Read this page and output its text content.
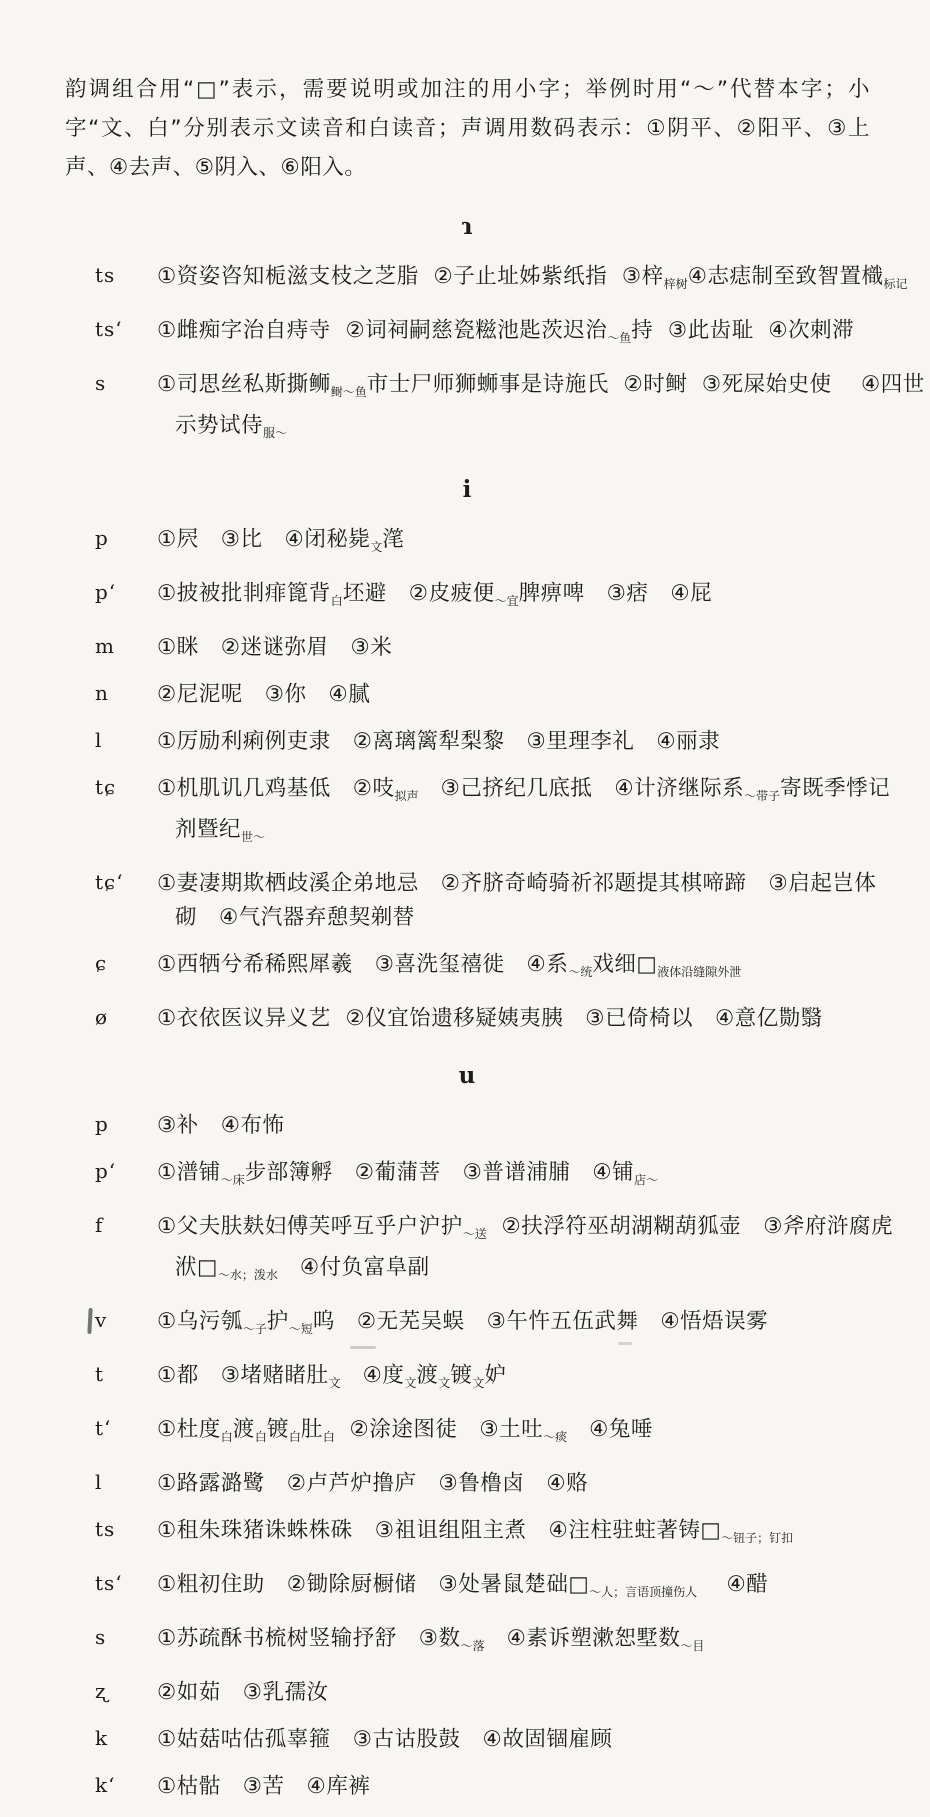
韵调组合用“□”表示，需要说明或加注的用小字；举例时用“～”代替本字；小字“文、白”分别表示文读音和白读音；声调用数码表示：①阴平、②阳平、③上声、④去声、⑤阴入、⑥阳入。
ɿ
ts	①资姿咨知栀滋支枝之芝脂  ②子止址姊紫纸指  ③梓$_{梓树}$④志痣制至致智置樴$_{标记}$
tsʻ	①雌痴字治自痔寺  ②词祠嗣慈瓷糍池匙茨迟治$_{\sim 鱼}$持  ③此齿耻  ④次刺滞
s	①司思丝私斯撕𫚕$_{鲥\sim 鱼}$市士尸师狮蛳事是诗施氏  ②时鲥  ③死屎始史使    ④四世
示势试侍$_{服\sim}$
i
p	①屄   ③比   ④闭秘毙$_文$滗
pʻ	①披被批剕痱篦背$_白$坯避   ②皮疲便$_{\sim 宜}$脾痹啤   ③痞   ④屁
m	①眯   ②迷谜弥眉   ③米
n	②尼泥呢   ③你   ④腻
l	①厉励利痢例吏隶   ②离璃篱犁梨黎   ③里理李礼   ④丽隶
tɕ	①机肌讥几鸡基低   ②吱$_{拟声}$   ③己挤纪几底抵   ④计济继际系$_{\sim 带子}$寄既季悸记
剂暨纪$_{世\sim}$
tɕʻ	①妻凄期欺栖歧溪企弟地忌   ②齐脐奇崎骑祈祁题提其棋啼蹄   ③启起岂体
砌   ④气汽器弃憩契剃替
ɕ	①西牺兮希稀熙犀羲   ③喜洗玺禧徙   ④系$_{\sim 统}$戏细$□_{液体沿缝隙外泄}$
ø	①衣依医议异义艺  ②仪宜饴遗移疑姨夷胰   ③已倚椅以   ④意亿勚翳
u
p	③补   ④布怖
pʻ	①潽铺$_{\sim 床}$步部簿孵   ②葡蒲菩   ③普谱浦脯   ④铺$_{店\sim}$
f	①父夫肤麸妇傅芙呼互乎户沪护$_{\sim 送}$  ②扶浮符巫胡湖糊葫狐壶   ③斧府浒腐虎
洑$□_{\sim 水;泼水}$   ④付负富阜副
v	①乌污瓠$_{\sim 子}$护$_{\sim 短}$呜   ②无芜吴蜈   ③午忤五伍武舞   ④悟焐误雾
t	①都   ③堵赌睹肚$_文$   ④度$_文$渡$_文$镀$_文$妒
tʻ	①杜度$_白$渡$_白$镀$_白$肚$_白$  ②涂途图徒   ③土吐$_{\sim 痰}$   ④兔唾
l	①路露潞鹭   ②卢芦炉撸庐   ③鲁橹卤   ④赂
ts	①租朱珠猪诛蛛株硃   ③祖诅组阻主煮   ④注柱驻蛀著铸$□_{\sim 钮子;钉扣}$
tsʻ	①粗初住助   ②锄除厨橱储   ③处暑鼠楚础$□_{\sim 人;言语顶撞伤人}$    ④醋
s	①苏疏酥书梳树竖输抒舒   ③数$_{\sim 落}$   ④素诉塑漱恕墅数$_{\sim 目}$
ʐ	②如茹   ③乳孺汝
k	①姑菇咕估孤辜箍   ③古诂股鼓   ④故固锢雇顾
kʻ	①枯骷   ③苦   ④库裤
